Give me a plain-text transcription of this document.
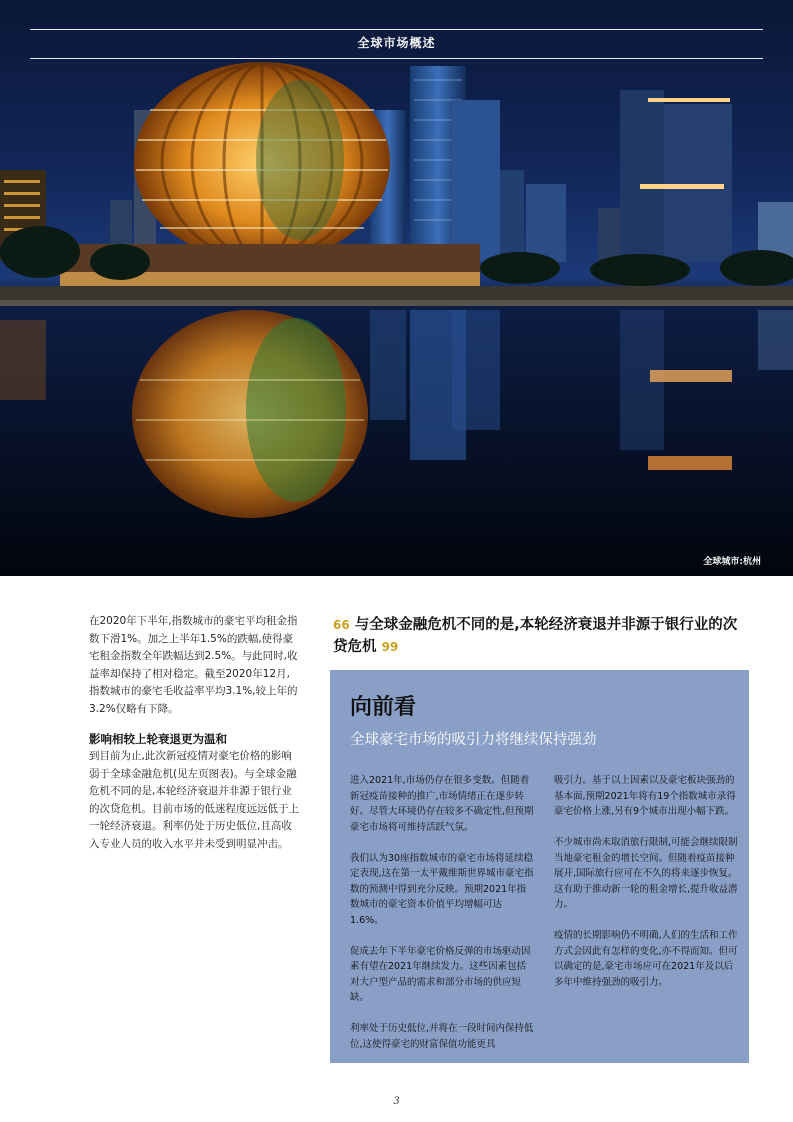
全球市场概述
全球城市:杭州

在2020年下半年,指数城市的豪宅平均租金指数下滑1%。加之上半年1.5%的跌幅,使得豪宅租金指数全年跌幅达到2.5%。与此同时,收益率却保持了相对稳定。截至2020年12月,指数城市的豪宅毛收益率平均3.1%,较上年的3.2%仅略有下降。

影响相较上轮衰退更为温和

到目前为止,此次新冠疫情对豪宅价格的影响弱于全球金融危机(见左页图表)。与全球金融危机不同的是,本轮经济衰退并非源于银行业的次贷危机。目前市场的低迷程度远远低于上一轮经济衰退。利率仍处于历史低位,且高收入专业人员的收入水平并未受到明显冲击。

66 与全球金融危机不同的是,本轮经济衰退并非源于银行业的次贷危机 99
向前看
全球豪宅市场的吸引力将继续保持强劲

进入2021年,市场仍存在很多变数。但随着新冠疫苗接种的推广,市场情绪正在逐步转好。尽管大环境仍存在较多不确定性,但预期豪宅市场将可维持活跃气氛。

我们认为30座指数城市的豪宅市场将延续稳定表现,这在第一太平戴维斯世界城市豪宅指数的预测中得到充分反映。预期2021年指数城市的豪宅资本价值平均增幅可达1.6%。

促成去年下半年豪宅价格反弹的市场驱动因素有望在2021年继续发力。这些因素包括对大户型产品的需求和部分市场的供应短缺。

利率处于历史低位,并将在一段时间内保持低位,这使得豪宅的财富保值功能更具

吸引力。基于以上因素以及豪宅板块强劲的基本面,预期2021年将有19个指数城市录得豪宅价格上涨,另有9个城市出现小幅下跌。

不少城市尚未取消旅行限制,可能会继续限制当地豪宅租金的增长空间。但随着疫苗接种展开,国际旅行应可在不久的将来逐步恢复。这有助于推动新一轮的租金增长,提升收益潜力。

疫情的长期影响仍不明确,人们的生活和工作方式会因此有怎样的变化,亦不得而知。但可以确定的是,豪宅市场应可在2021年及以后多年中维持强劲的吸引力。

3
